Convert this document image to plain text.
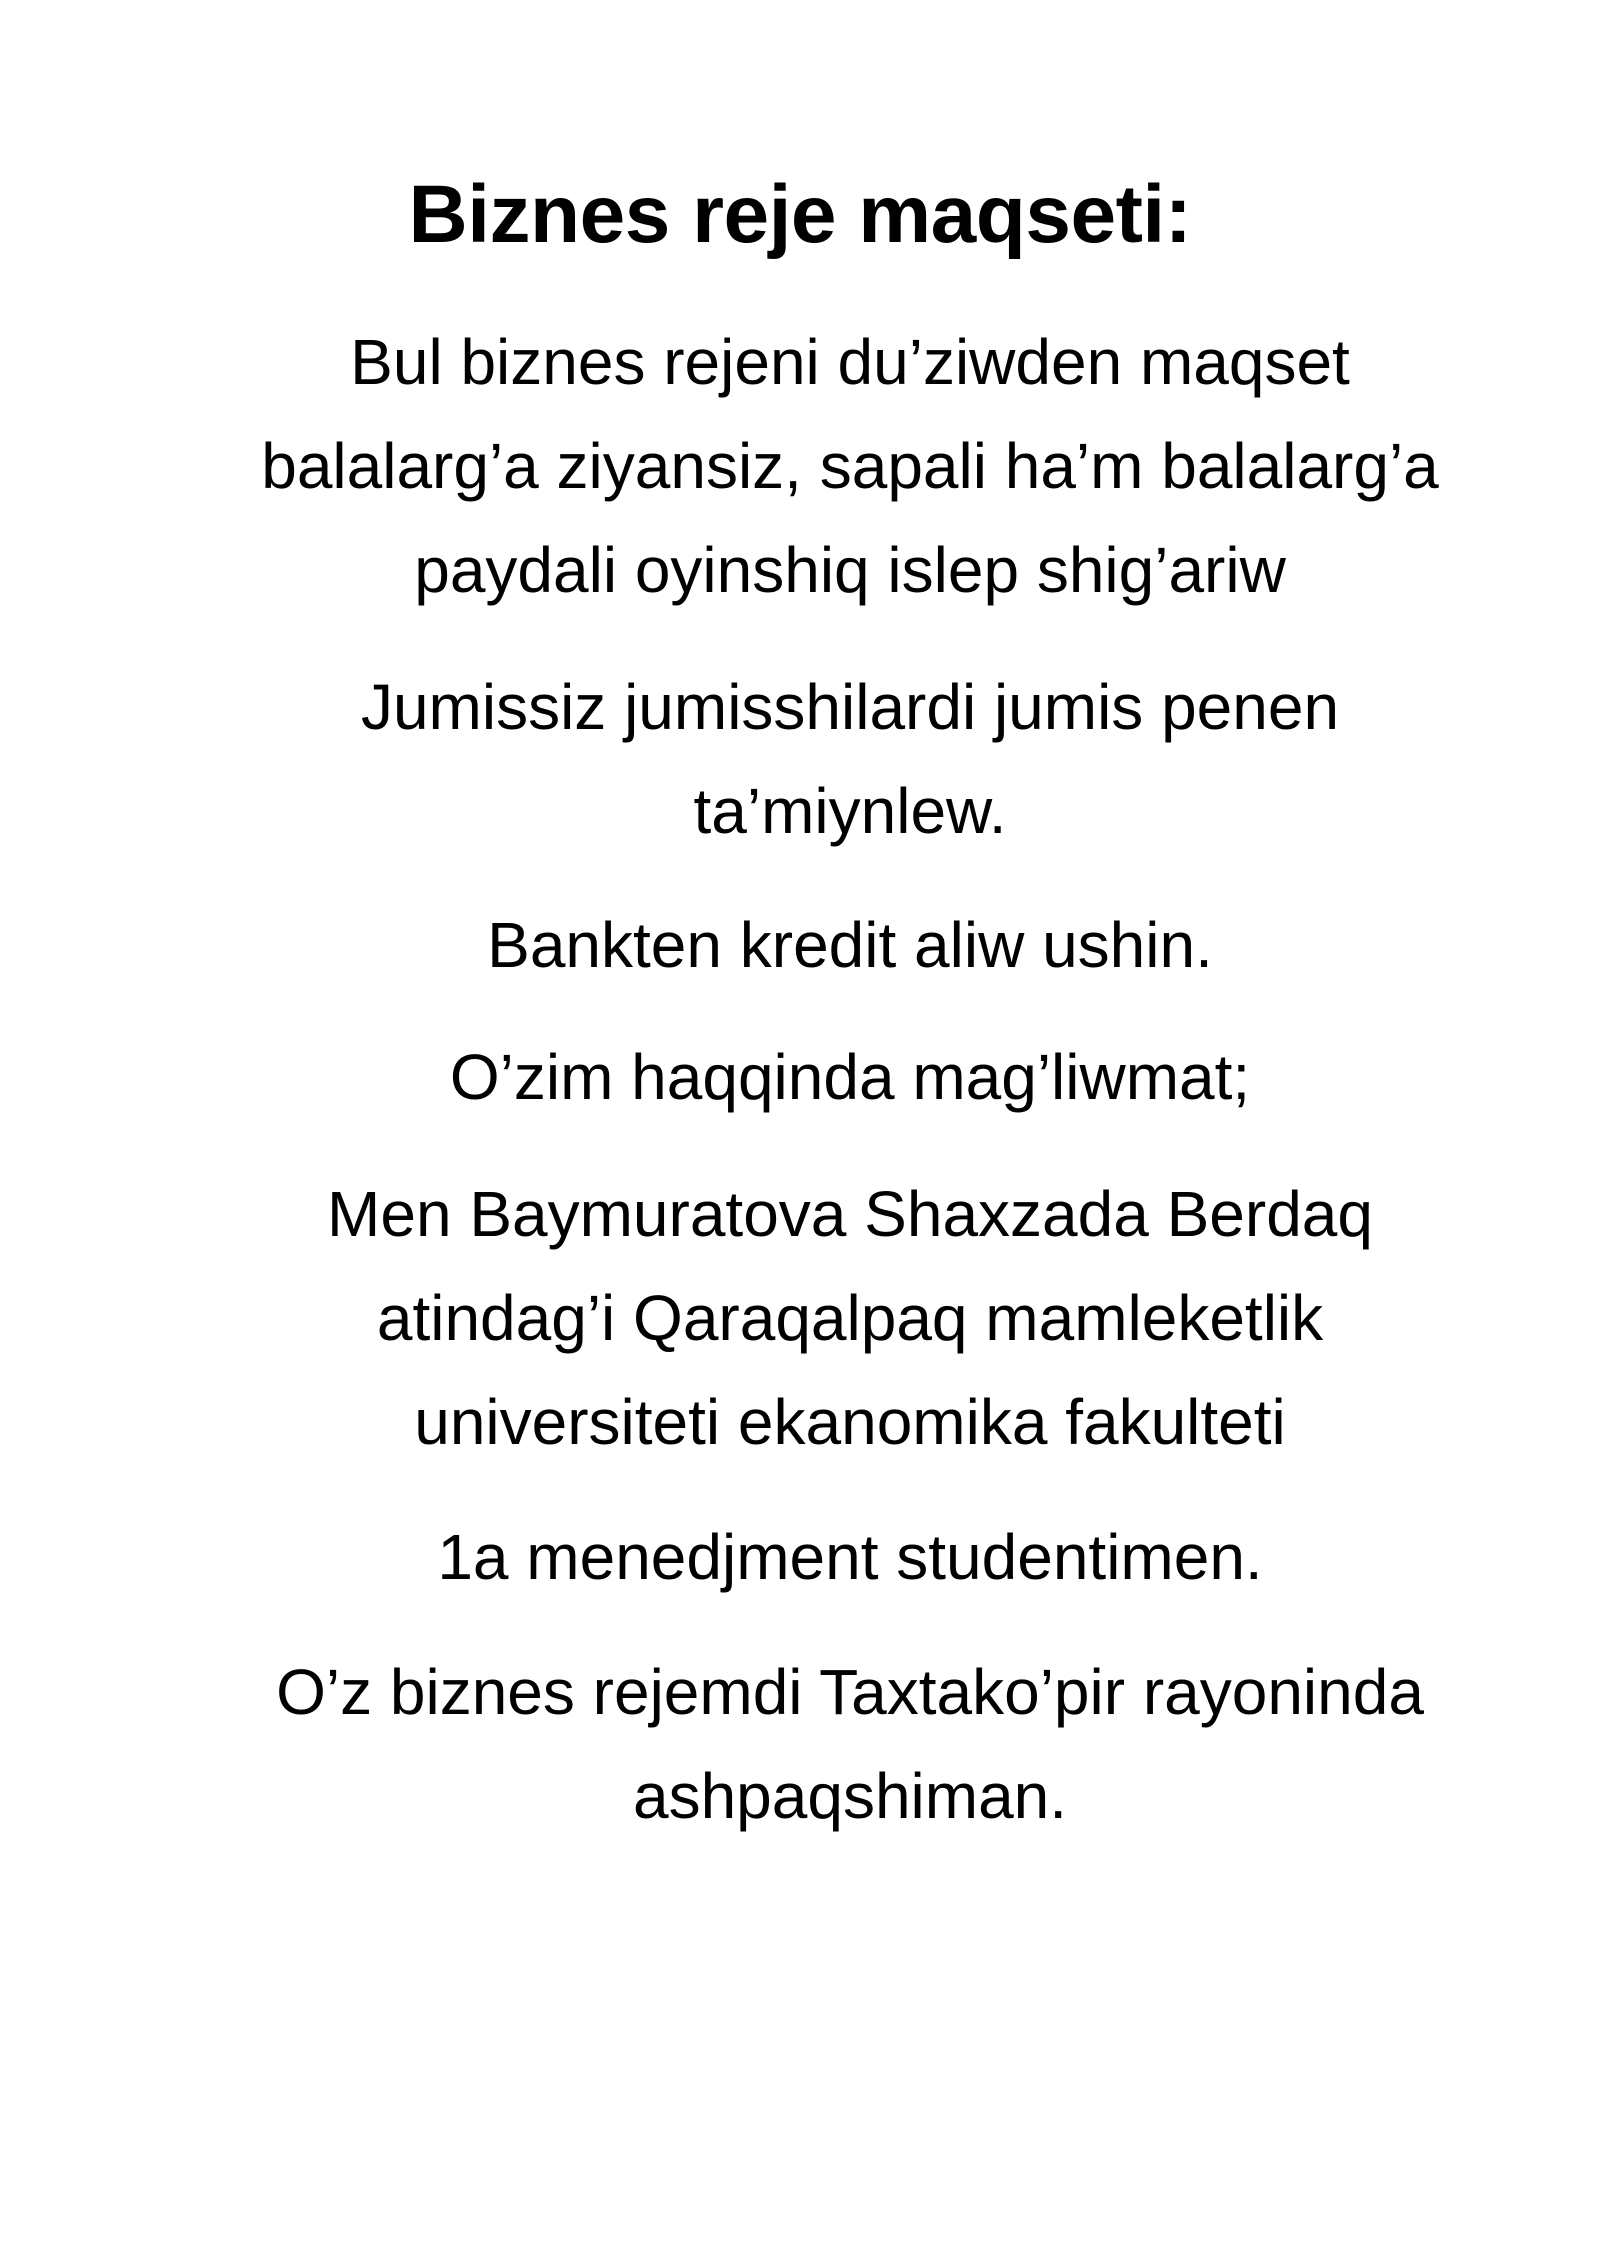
Biznes reje maqseti:

Bul biznes rejeni du’ziwden maqset
balalarg’a ziyansiz, sapali ha’m balalarg’a
paydali oyinshiq islep shig’ariw

Jumissiz jumisshilardi jumis penen
ta’miynlew.

Bankten kredit aliw ushin.

O’zim haqqinda mag’liwmat;

Men Baymuratova Shaxzada Berdaq
atindag’i Qaraqalpaq mamleketlik
universiteti ekanomika fakulteti

1a menedjment studentimen.

O’z biznes rejemdi Taxtako’pir rayoninda
ashpaqshiman.
